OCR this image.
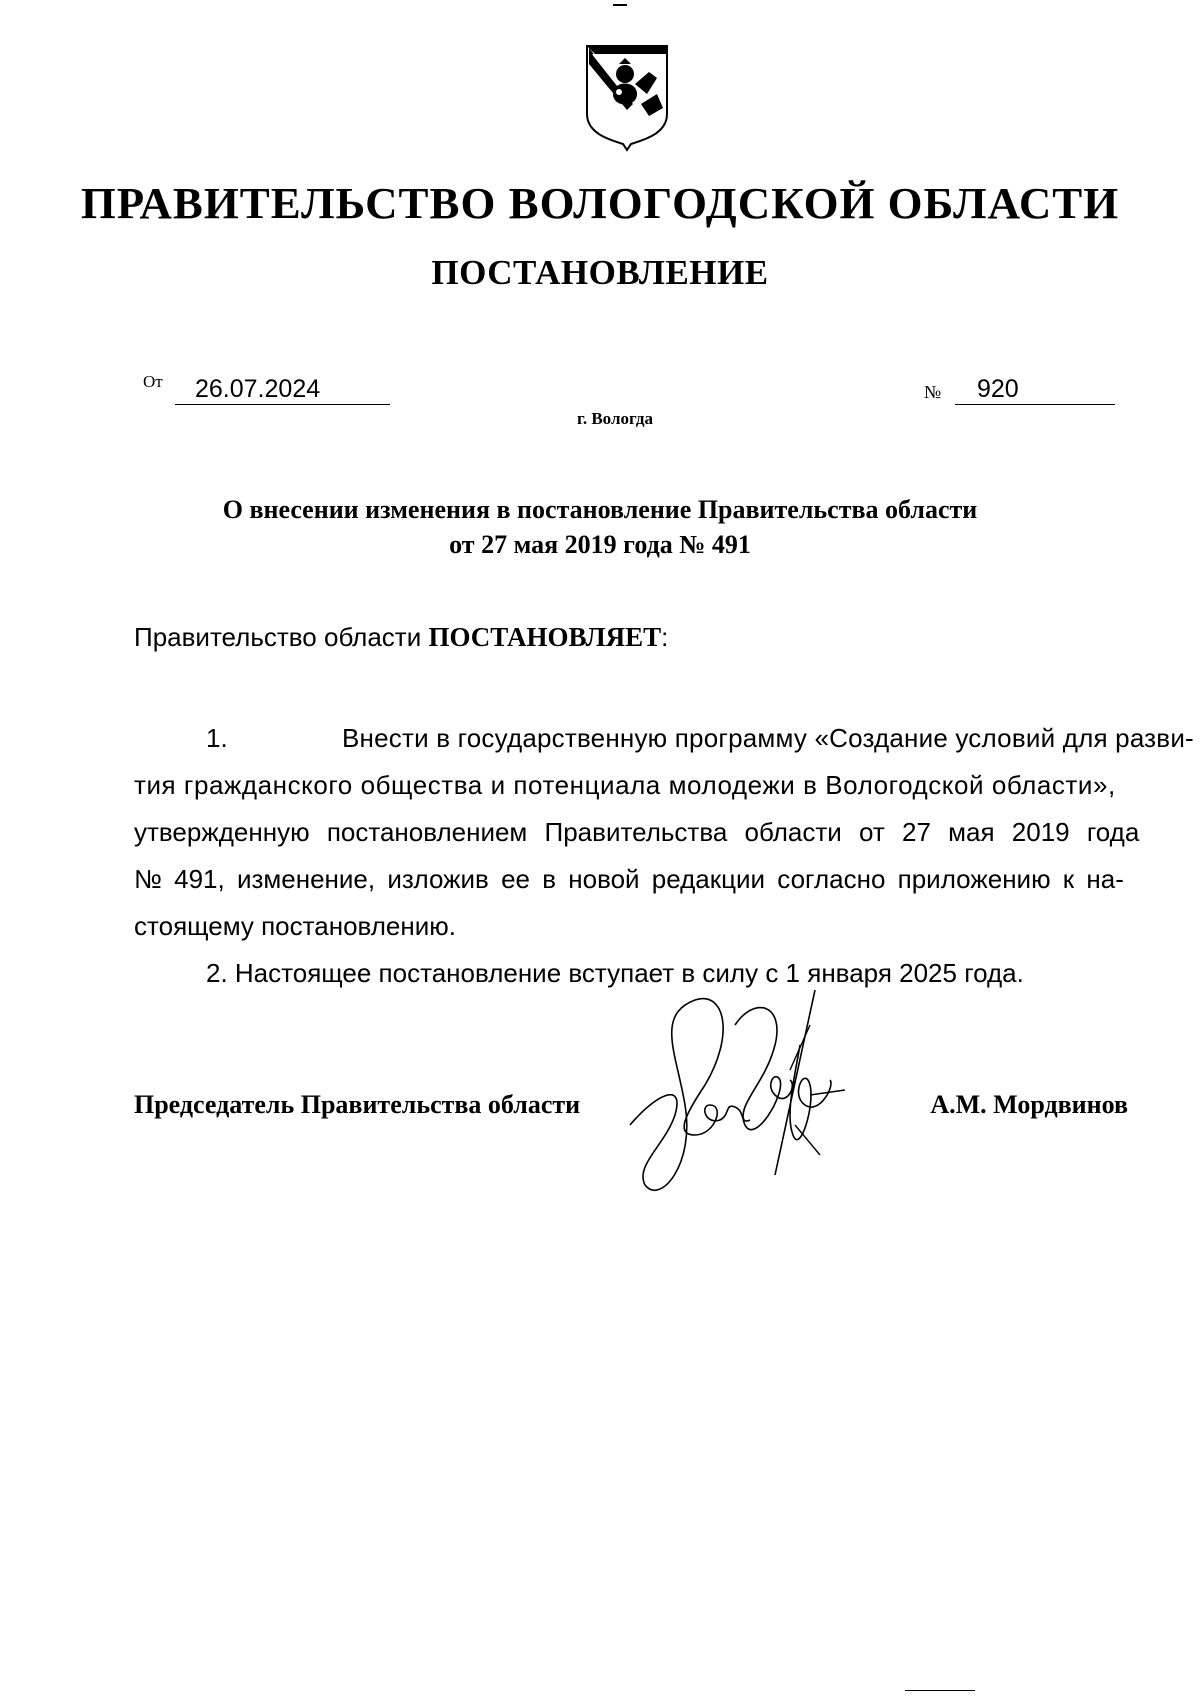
ПРАВИТЕЛЬСТВО ВОЛОГОДСКОЙ ОБЛАСТИ
ПОСТАНОВЛЕНИЕ
От	26.07.2024	№	920
г. Вологда
О внесении изменения в постановление Правительства области
от 27 мая 2019 года № 491
Правительство области ПОСТАНОВЛЯЕТ:
1.	Внести в государственную программу «Создание условий для разви-
тия гражданского общества и потенциала молодежи в Вологодской области»,
утвержденную постановлением Правительства области от 27 мая 2019 года
№ 491, изменение, изложив ее в новой редакции согласно приложению к на-
стоящему постановлению.
2. Настоящее постановление вступает в силу с 1 января 2025 года.
Председатель Правительства области	А.М. Мордвинов
